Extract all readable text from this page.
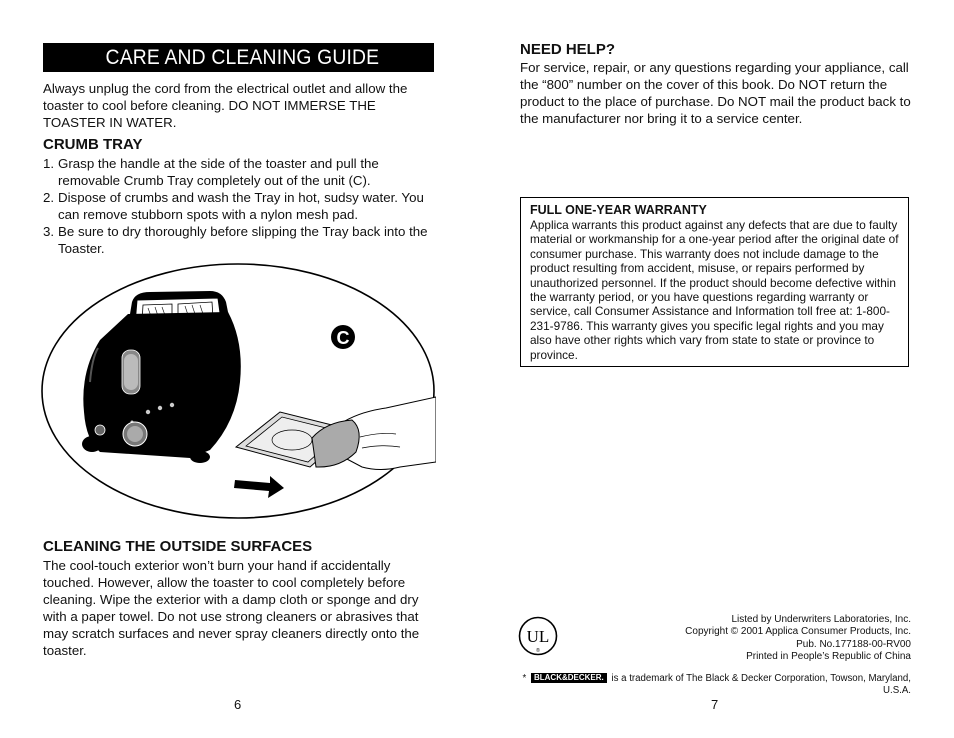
CARE AND CLEANING GUIDE
Always unplug the cord from the electrical outlet and allow the toaster to cool before cleaning. DO NOT IMMERSE THE TOASTER IN WATER.
CRUMB TRAY
1. Grasp the handle at the side of the toaster and pull the removable Crumb Tray completely out of the unit (C).
2. Dispose of crumbs and wash the Tray in hot, sudsy water. You can remove stubborn spots with a nylon mesh pad.
3. Be sure to dry thoroughly before slipping the Tray back into the Toaster.
C
CLEANING THE OUTSIDE SURFACES
The cool-touch exterior won’t burn your hand if accidentally touched. However, allow the toaster to cool completely before cleaning. Wipe the exterior with a damp cloth or sponge and dry with a paper towel. Do not use strong cleaners or abrasives that may scratch surfaces and never spray cleaners directly onto the toaster.
6
NEED HELP?
For service, repair, or any questions regarding your appliance, call the “800” number on the cover of this book. Do NOT return the product to the place of purchase. Do NOT mail the product back to the manufacturer nor bring it to a service center.
FULL ONE-YEAR WARRANTY
Applica warrants this product against any defects that are due to faulty material or workmanship for a one-year period after the original date of consumer purchase. This warranty does not include damage to the product resulting from accident, misuse, or repairs performed by unauthorized personnel. If the product should become defective within the warranty period, or you have questions regarding warranty or service, call Consumer Assistance and Information toll free at: 1-800-231-9786. This warranty gives you specific legal rights and you may also have other rights which vary from state to state or province to province.
UL
®
Listed by Underwriters Laboratories, Inc.
Copyright © 2001 Applica Consumer Products, Inc.
Pub. No.177188-00-RV00
Printed in People’s Republic of China
* BLACK&DECKER. is a trademark of The Black & Decker Corporation, Towson, Maryland, U.S.A.
7
